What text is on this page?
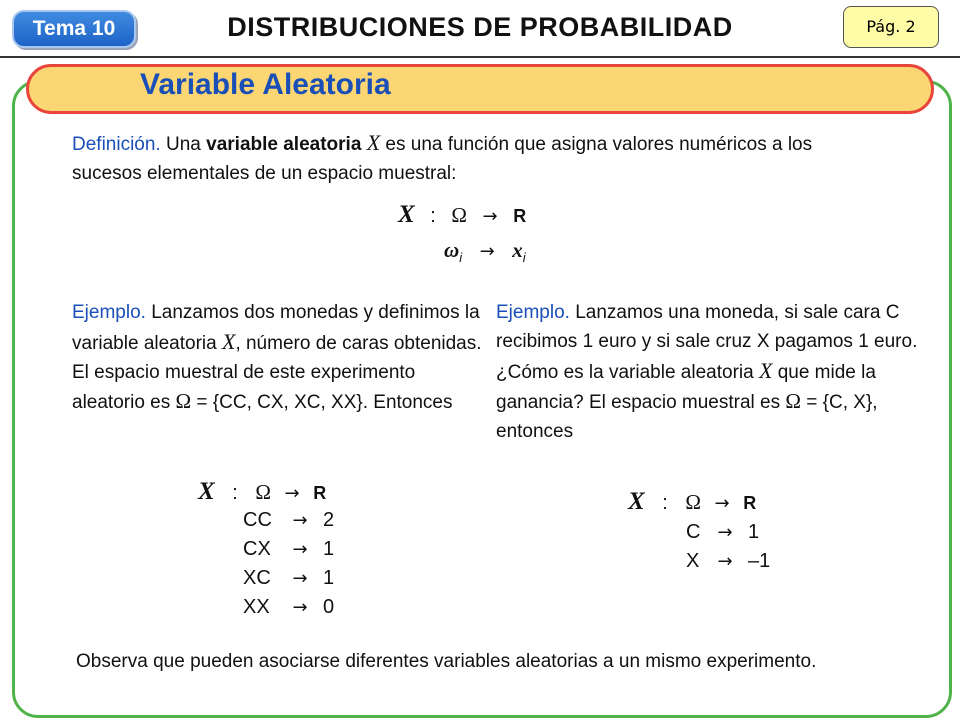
Tema 10	DISTRIBUCIONES DE PROBABILIDAD	Pág. 2
Variable Aleatoria
Definición. Una variable aleatoria X es una función que asigna valores numéricos a los sucesos elementales de un espacio muestral:
X : Ω → R
$\omega_i \to x_i$
Ejemplo. Lanzamos dos monedas y definimos la variable aleatoria X, número de caras obtenidas. El espacio muestral de este experimento aleatorio es Ω = {CC, CX, XC, XX}. Entonces
X : Ω → R
CC → 2
CX → 1
XC → 1
XX → 0
Ejemplo. Lanzamos una moneda, si sale cara C recibimos 1 euro y si sale cruz X pagamos 1 euro. ¿Cómo es la variable aleatoria X que mide la ganancia? El espacio muestral es Ω = {C, X}, entonces
X : Ω → R
C → 1
X → –1
Observa que pueden asociarse diferentes variables aleatorias a un mismo experimento.
